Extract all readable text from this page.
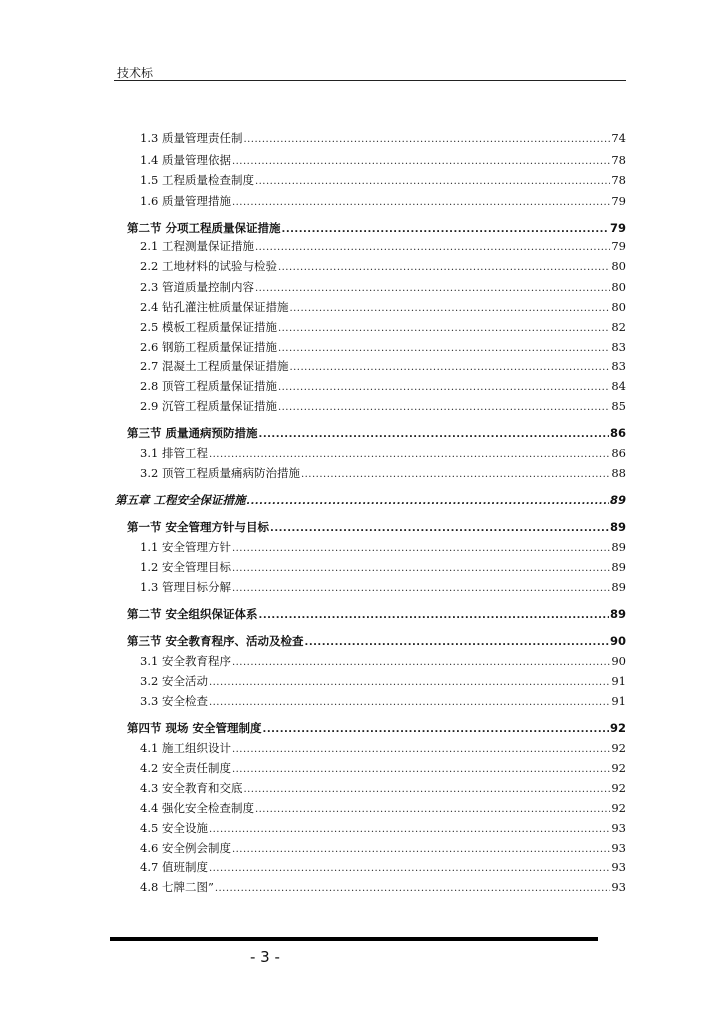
技术标
1.3 质量管理责任制 .....	74
1.4 质量管理依据 .....	78
1.5 工程质量检查制度 .....	78
1.6 质量管理措施 .....	79
第二节 分项工程质量保证措施 .....	79
2.1 工程测量保证措施 .....	79
2.2 工地材料的试验与检验 .....	80
2.3 管道质量控制内容 .....	80
2.4 钻孔灌注桩质量保证措施 .....	80
2.5 模板工程质量保证措施 .....	82
2.6 钢筋工程质量保证措施 .....	83
2.7 混凝土工程质量保证措施 .....	83
2.8 顶管工程质量保证措施 .....	84
2.9 沉管工程质量保证措施 .....	85
第三节 质量通病预防措施 .....	86
3.1 排管工程 .....	86
3.2 顶管工程质量痛病防治措施 .....	88
第五章 工程安全保证措施 .....	89
第一节 安全管理方针与目标 .....	89
1.1 安全管理方针 .....	89
1.2 安全管理目标 .....	89
1.3 管理目标分解 .....	89
第二节 安全组织保证体系 .....	89
第三节 安全教育程序、活动及检查 .....	90
3.1 安全教育程序 .....	90
3.2 安全活动 .....	91
3.3 安全检查 .....	91
第四节 现场 安全管理制度 .....	92
4.1 施工组织设计 .....	92
4.2 安全责任制度 .....	92
4.3 安全教育和交底 .....	92
4.4 强化安全检查制度 .....	92
4.5 安全设施 .....	93
4.6 安全例会制度 .....	93
4.7 值班制度 .....	93
4.8 七牌二图” .....	93
- 3 -
